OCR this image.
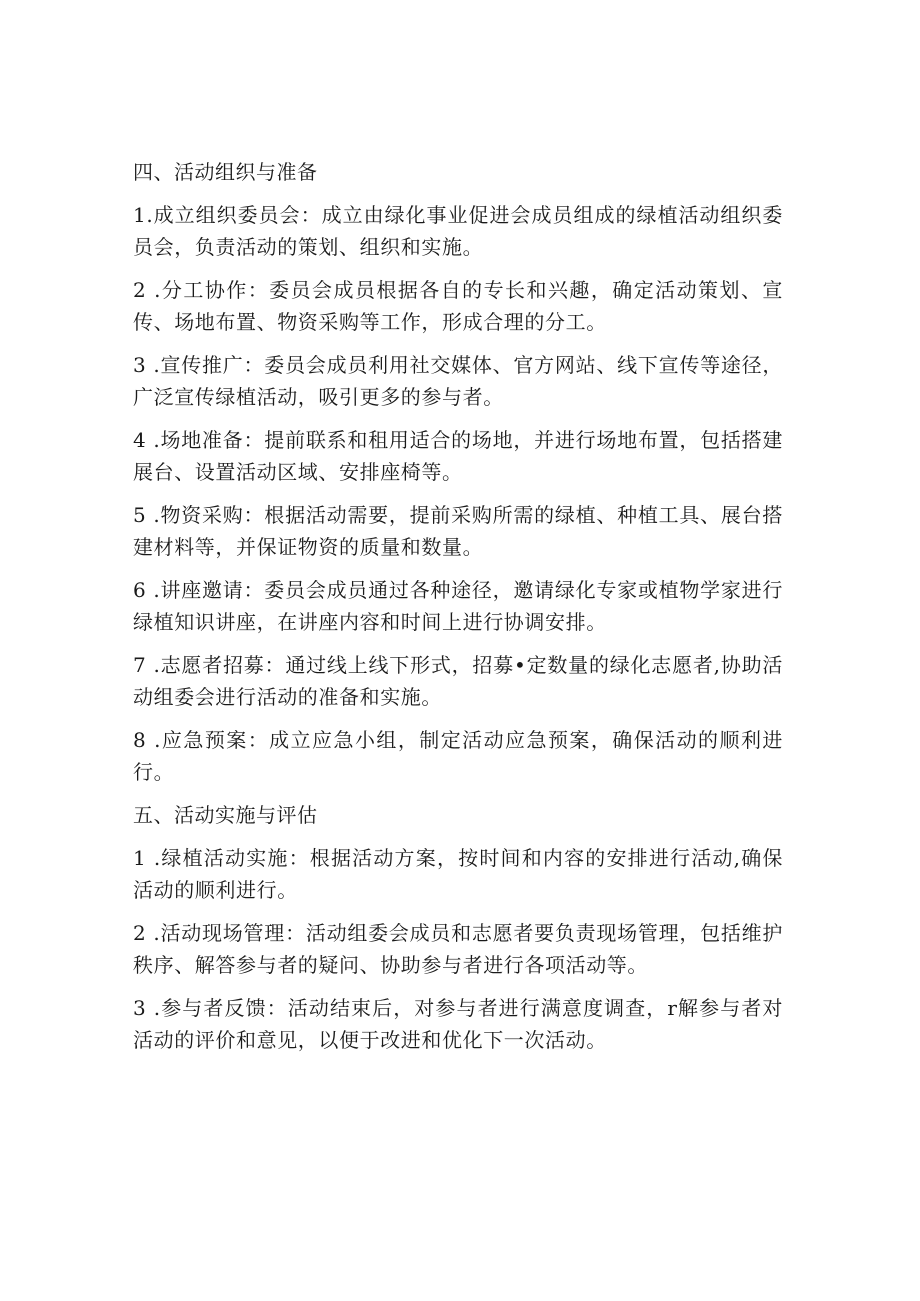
四、活动组织与准备
1.成立组织委员会：成立由绿化事业促进会成员组成的绿植活动组织委员会，负责活动的策划、组织和实施。
2 .分工协作：委员会成员根据各自的专长和兴趣，确定活动策划、宣传、场地布置、物资采购等工作，形成合理的分工。
3 .宣传推广：委员会成员利用社交媒体、官方网站、线下宣传等途径，广泛宣传绿植活动，吸引更多的参与者。
4 .场地准备：提前联系和租用适合的场地，并进行场地布置，包括搭建展台、设置活动区域、安排座椅等。
5 .物资采购：根据活动需要，提前采购所需的绿植、种植工具、展台搭建材料等，并保证物资的质量和数量。
6 .讲座邀请：委员会成员通过各种途径，邀请绿化专家或植物学家进行绿植知识讲座，在讲座内容和时间上进行协调安排。
7 .志愿者招募：通过线上线下形式，招募•定数量的绿化志愿者,协助活动组委会进行活动的准备和实施。
8 .应急预案：成立应急小组，制定活动应急预案，确保活动的顺利进行。
五、活动实施与评估
1 .绿植活动实施：根据活动方案，按时间和内容的安排进行活动,确保活动的顺利进行。
2 .活动现场管理：活动组委会成员和志愿者要负责现场管理，包括维护秩序、解答参与者的疑问、协助参与者进行各项活动等。
3 .参与者反馈：活动结束后，对参与者进行满意度调查，r解参与者对活动的评价和意见，以便于改进和优化下一次活动。
